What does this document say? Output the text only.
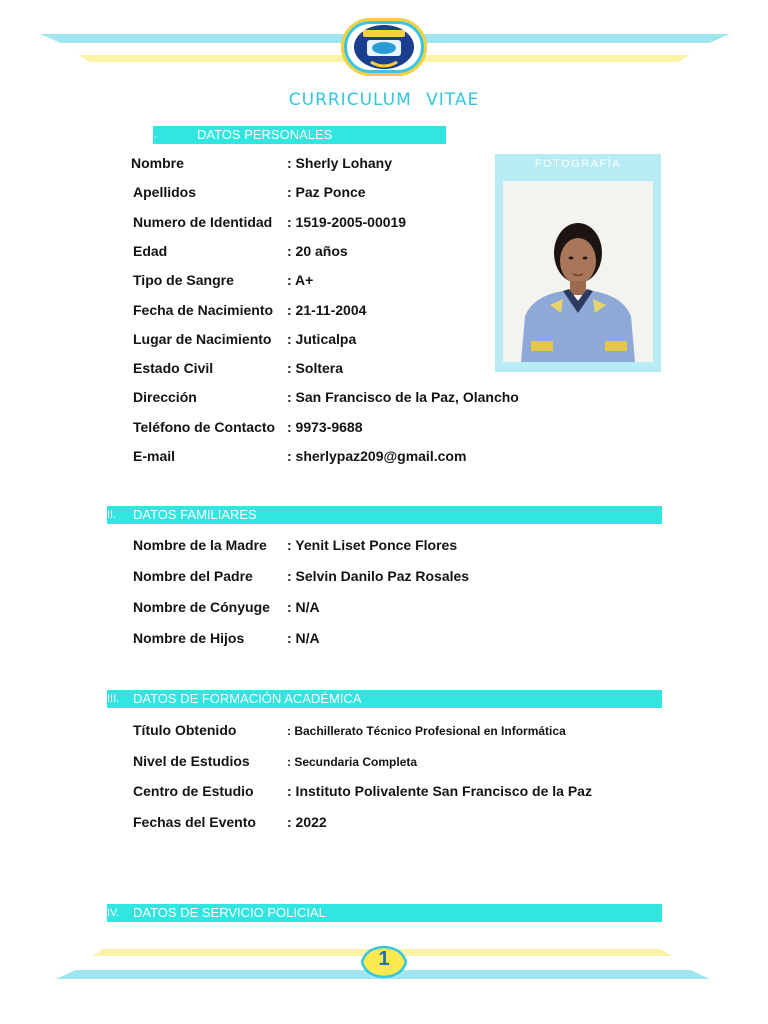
CURRICULUM VITAE
I.	DATOS PERSONALES
Nombre	: Sherly Lohany
Apellidos	: Paz Ponce
Numero de Identidad : 1519-2005-00019
Edad	: 20 años
Tipo de Sangre	: A+
Fecha de Nacimiento : 21-11-2004
Lugar de Nacimiento : Juticalpa
Estado Civil	: Soltera
Dirección	: San Francisco de la Paz, Olancho
Teléfono de Contacto : 9973-9688
E-mail	: sherlypaz209@gmail.com
FOTOGRAFÍA
II. DATOS FAMILIARES
Nombre de la Madre : Yenit Liset Ponce Flores
Nombre del Padre : Selvin Danilo Paz Rosales
Nombre de Cónyuge : N/A
Nombre de Hijos	: N/A
III. DATOS DE FORMACIÓN ACADÉMICA
Título Obtenido	: Bachillerato Técnico Profesional en Informática
Nivel de Estudios	: Secundaria Completa
Centro de Estudio : Instituto Polivalente San Francisco de la Paz
Fechas del Evento : 2022
IV. DATOS DE SERVICIO POLICIAL
1
